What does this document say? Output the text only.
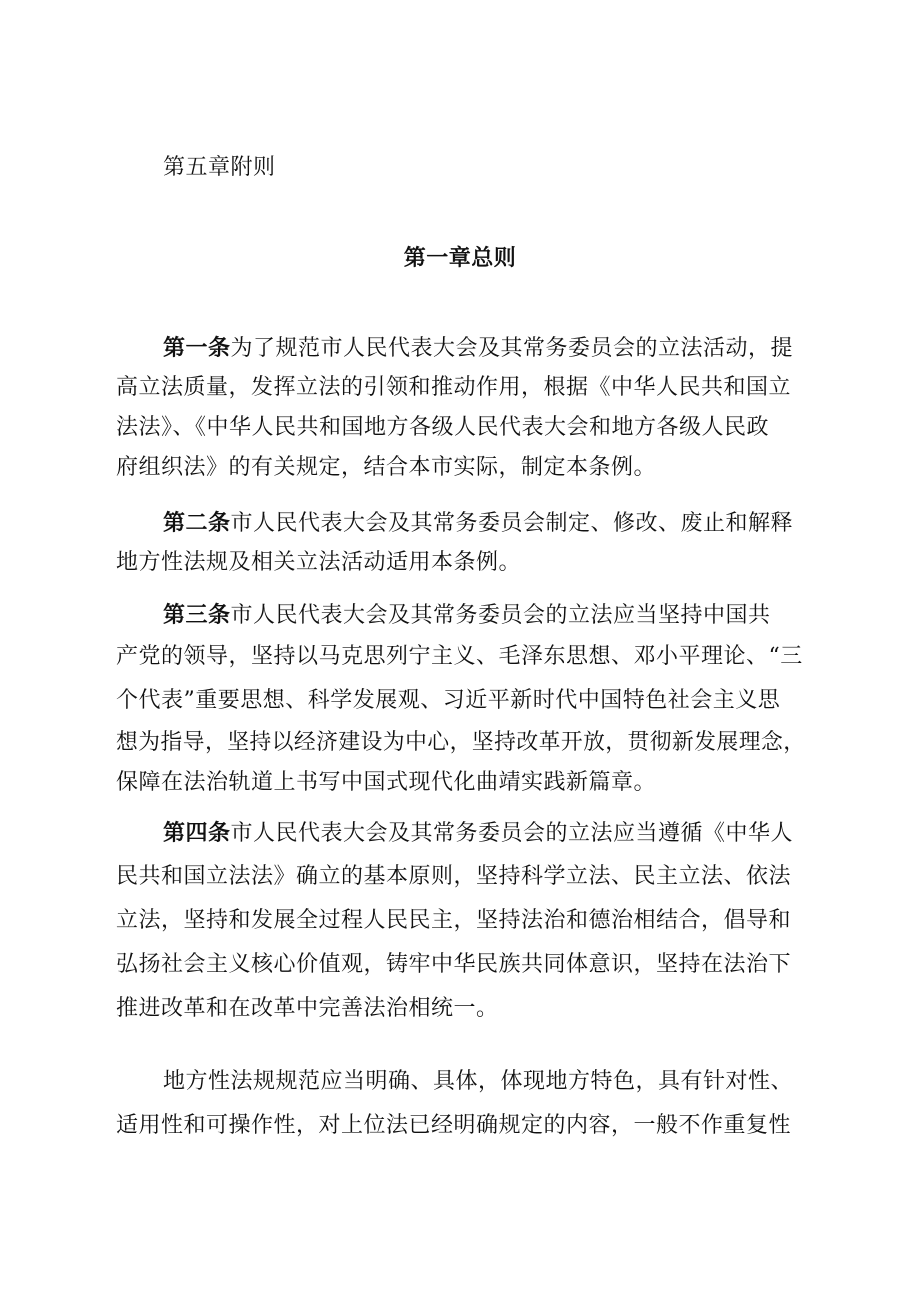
第五章附则
第一章总则
第一条为了规范市人民代表大会及其常务委员会的立法活动，提
高立法质量，发挥立法的引领和推动作用，根据《中华人民共和国立
法法》、《中华人民共和国地方各级人民代表大会和地方各级人民政
府组织法》的有关规定，结合本市实际，制定本条例。
第二条市人民代表大会及其常务委员会制定、修改、废止和解释
地方性法规及相关立法活动适用本条例。
第三条市人民代表大会及其常务委员会的立法应当坚持中国共
产党的领导，坚持以马克思列宁主义、毛泽东思想、邓小平理论、“三
个代表”重要思想、科学发展观、习近平新时代中国特色社会主义思
想为指导，坚持以经济建设为中心，坚持改革开放，贯彻新发展理念，
保障在法治轨道上书写中国式现代化曲靖实践新篇章。
第四条市人民代表大会及其常务委员会的立法应当遵循《中华人
民共和国立法法》确立的基本原则，坚持科学立法、民主立法、依法
立法，坚持和发展全过程人民民主，坚持法治和德治相结合，倡导和
弘扬社会主义核心价值观，铸牢中华民族共同体意识，坚持在法治下
推进改革和在改革中完善法治相统一。
地方性法规规范应当明确、具体，体现地方特色，具有针对性、
适用性和可操作性，对上位法已经明确规定的内容，一般不作重复性
